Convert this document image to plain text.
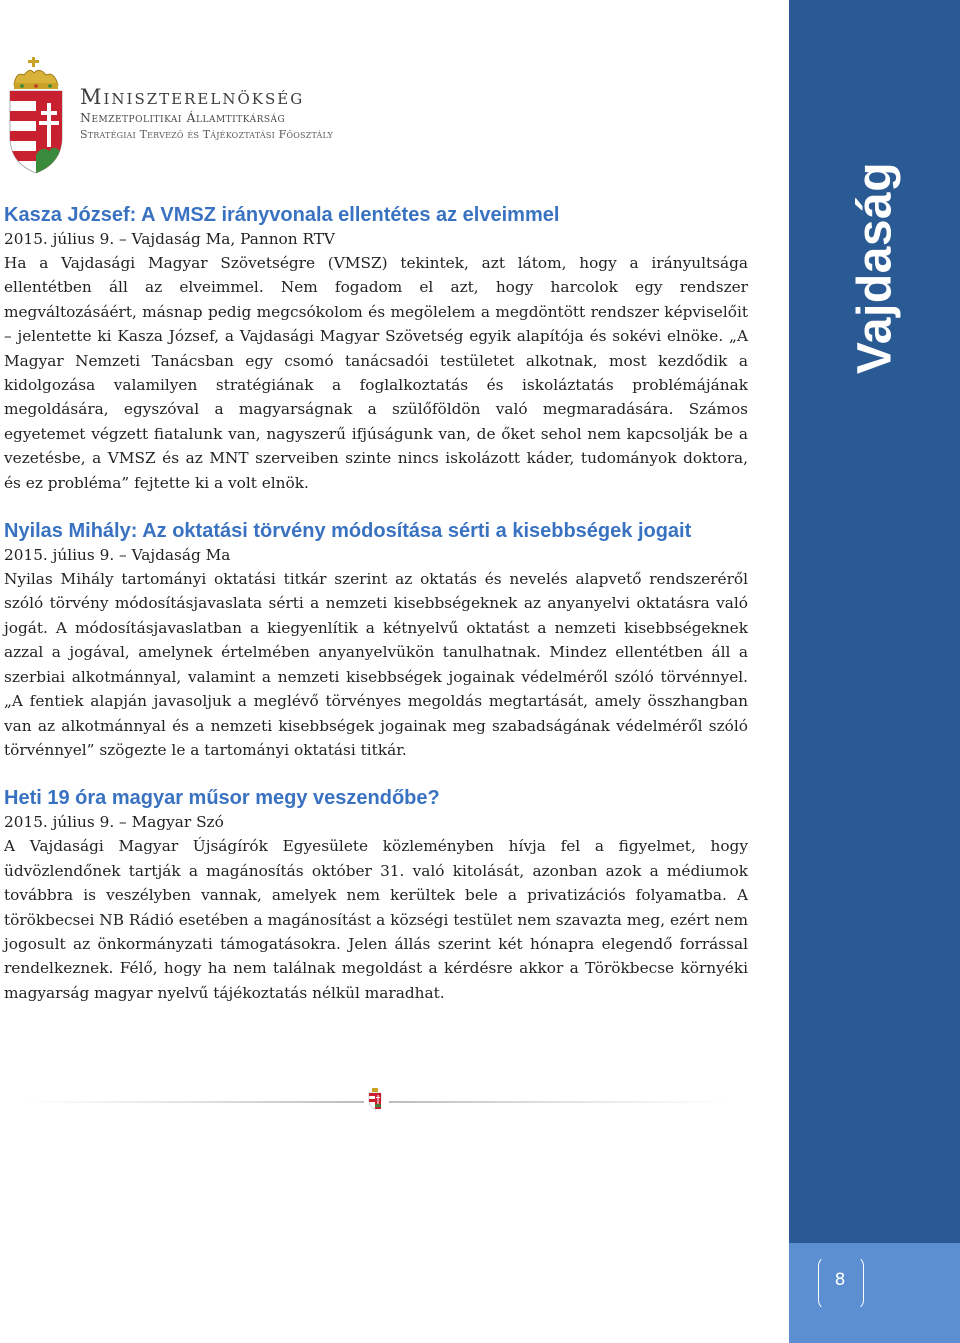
Miniszterelnökség
Nemzetpolitikai Államtitkárság
Stratégiai Tervező és Tájékoztatási Főosztály
Vajdaság
8
Kasza József: A VMSZ irányvonala ellentétes az elveimmel

2015. július 9. – Vajdaság Ma, Pannon RTV

Ha a Vajdasági Magyar Szövetségre (VMSZ) tekintek, azt látom, hogy a irányultsága ellentétben áll az elveimmel. Nem fogadom el azt, hogy harcolok egy rendszer megváltozásáért, másnap pedig megcsókolom és megölelem a megdöntött rendszer képviselőit – jelentette ki Kasza József, a Vajdasági Magyar Szövetség egyik alapítója és sokévi elnöke. „A Magyar Nemzeti Tanácsban egy csomó tanácsadói testületet alkotnak, most kezdődik a kidolgozása valamilyen stratégiának a foglalkoztatás és iskoláztatás problémájának megoldására, egyszóval a magyarságnak a szülőföldön való megmaradására. Számos egyetemet végzett fiatalunk van, nagyszerű ifjúságunk van, de őket sehol nem kapcsolják be a vezetésbe, a VMSZ és az MNT szerveiben szinte nincs iskolázott káder, tudományok doktora, és ez probléma” fejtette ki a volt elnök.

Nyilas Mihály: Az oktatási törvény módosítása sérti a kisebbségek jogait

2015. július 9. – Vajdaság Ma

Nyilas Mihály tartományi oktatási titkár szerint az oktatás és nevelés alapvető rendszeréről szóló törvény módosításjavaslata sérti a nemzeti kisebbségeknek az anyanyelvi oktatásra való jogát. A módosításjavaslatban a kiegyenlítik a kétnyelvű oktatást a nemzeti kisebbségeknek azzal a jogával, amelynek értelmében anyanyelvükön tanulhatnak. Mindez ellentétben áll a szerbiai alkotmánnyal, valamint a nemzeti kisebbségek jogainak védelméről szóló törvénnyel. „A fentiek alapján javasoljuk a meglévő törvényes megoldás megtartását, amely összhangban van az alkotmánnyal és a nemzeti kisebbségek jogainak meg szabadságának védelméről szóló törvénnyel” szögezte le a tartományi oktatási titkár.

Heti 19 óra magyar műsor megy veszendőbe?

2015. július 9. – Magyar Szó

A Vajdasági Magyar Újságírók Egyesülete közleményben hívja fel a figyelmet, hogy üdvözlendőnek tartják a magánosítás október 31. való kitolását, azonban azok a médiumok továbbra is veszélyben vannak, amelyek nem kerültek bele a privatizációs folyamatba. A törökbecsei NB Rádió esetében a magánosítást a községi testület nem szavazta meg, ezért nem jogosult az önkormányzati támogatásokra. Jelen állás szerint két hónapra elegendő forrással rendelkeznek. Félő, hogy ha nem találnak megoldást a kérdésre akkor a Törökbecse környéki magyarság magyar nyelvű tájékoztatás nélkül maradhat.
